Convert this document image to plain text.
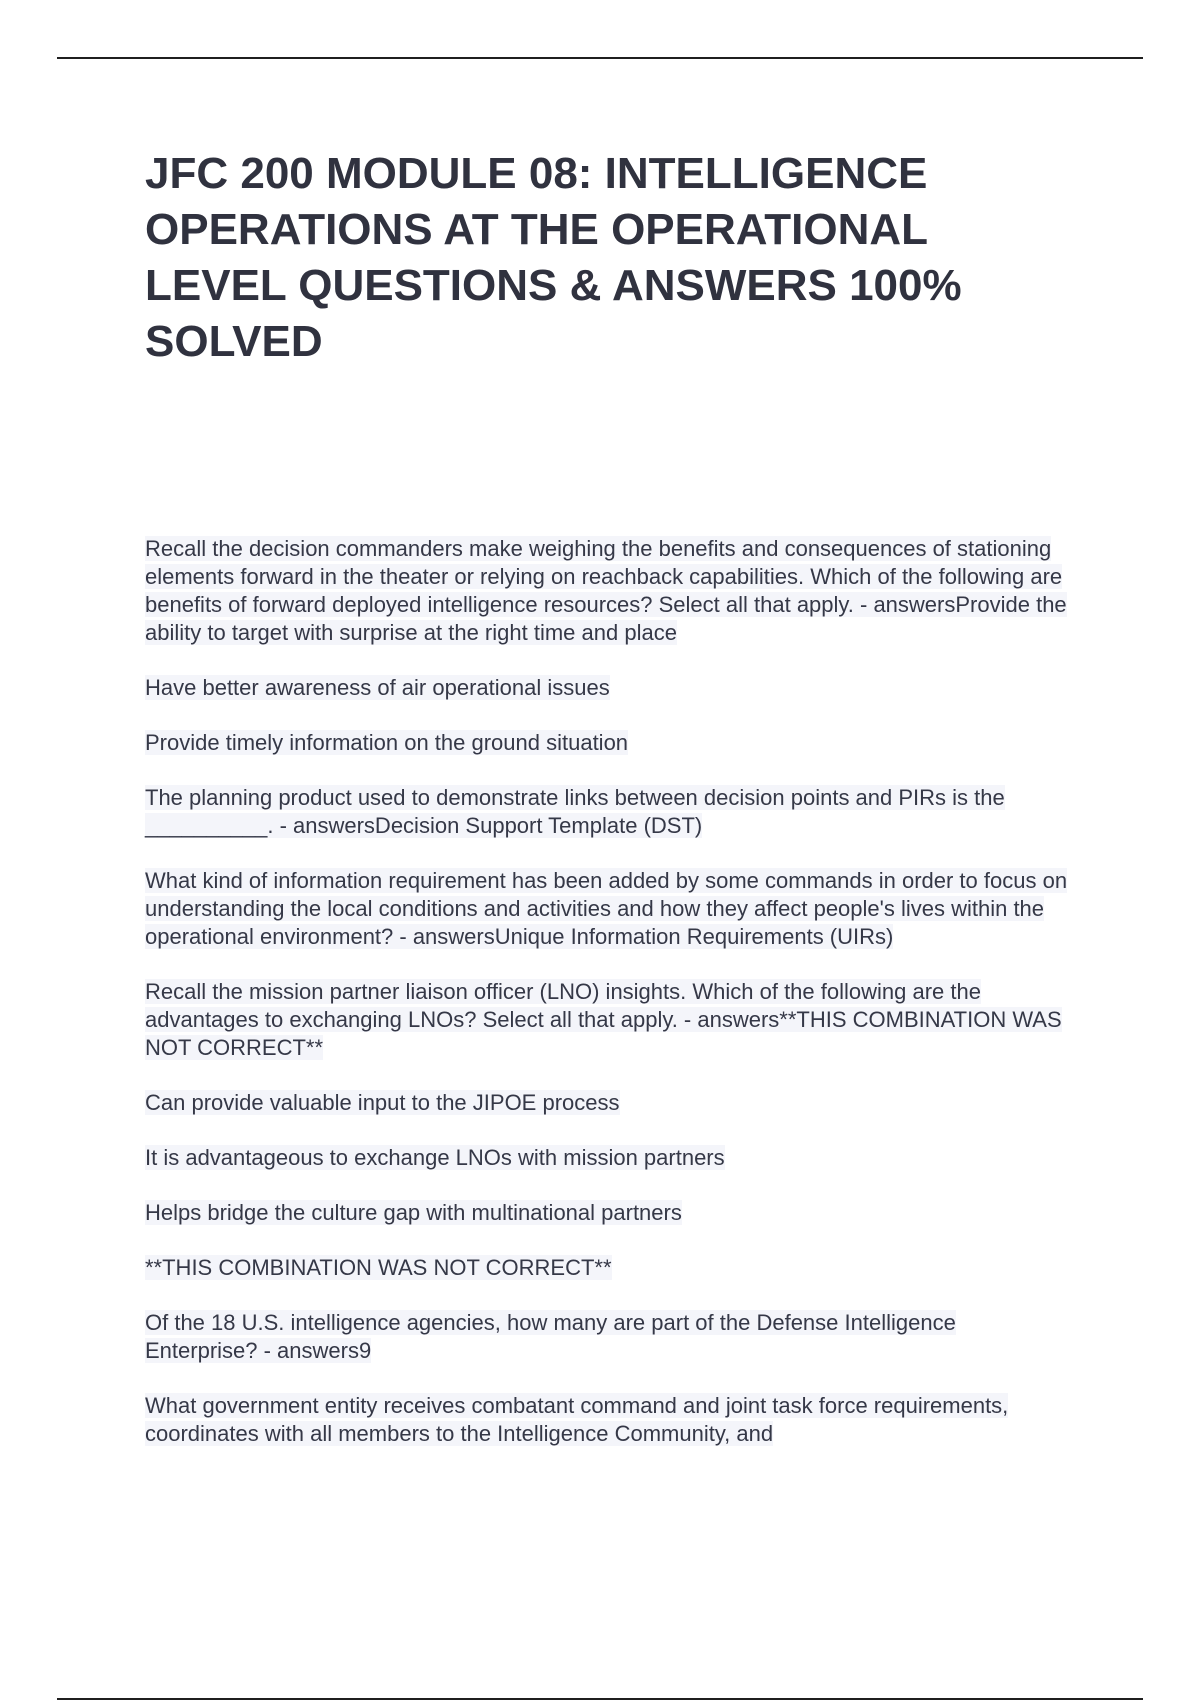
JFC 200 MODULE 08: INTELLIGENCE OPERATIONS AT THE OPERATIONAL LEVEL QUESTIONS & ANSWERS 100% SOLVED

Recall the decision commanders make weighing the benefits and consequences of stationing elements forward in the theater or relying on reachback capabilities. Which of the following are benefits of forward deployed intelligence resources? Select all that apply. - answersProvide the ability to target with surprise at the right time and place

Have better awareness of air operational issues

Provide timely information on the ground situation

The planning product used to demonstrate links between decision points and PIRs is the __________. - answersDecision Support Template (DST)

What kind of information requirement has been added by some commands in order to focus on understanding the local conditions and activities and how they affect people's lives within the operational environment? - answersUnique Information Requirements (UIRs)

Recall the mission partner liaison officer (LNO) insights. Which of the following are the advantages to exchanging LNOs? Select all that apply. - answers**THIS COMBINATION WAS NOT CORRECT**

Can provide valuable input to the JIPOE process

It is advantageous to exchange LNOs with mission partners

Helps bridge the culture gap with multinational partners

**THIS COMBINATION WAS NOT CORRECT**

Of the 18 U.S. intelligence agencies, how many are part of the Defense Intelligence Enterprise? - answers9

What government entity receives combatant command and joint task force requirements, coordinates with all members to the Intelligence Community, and
